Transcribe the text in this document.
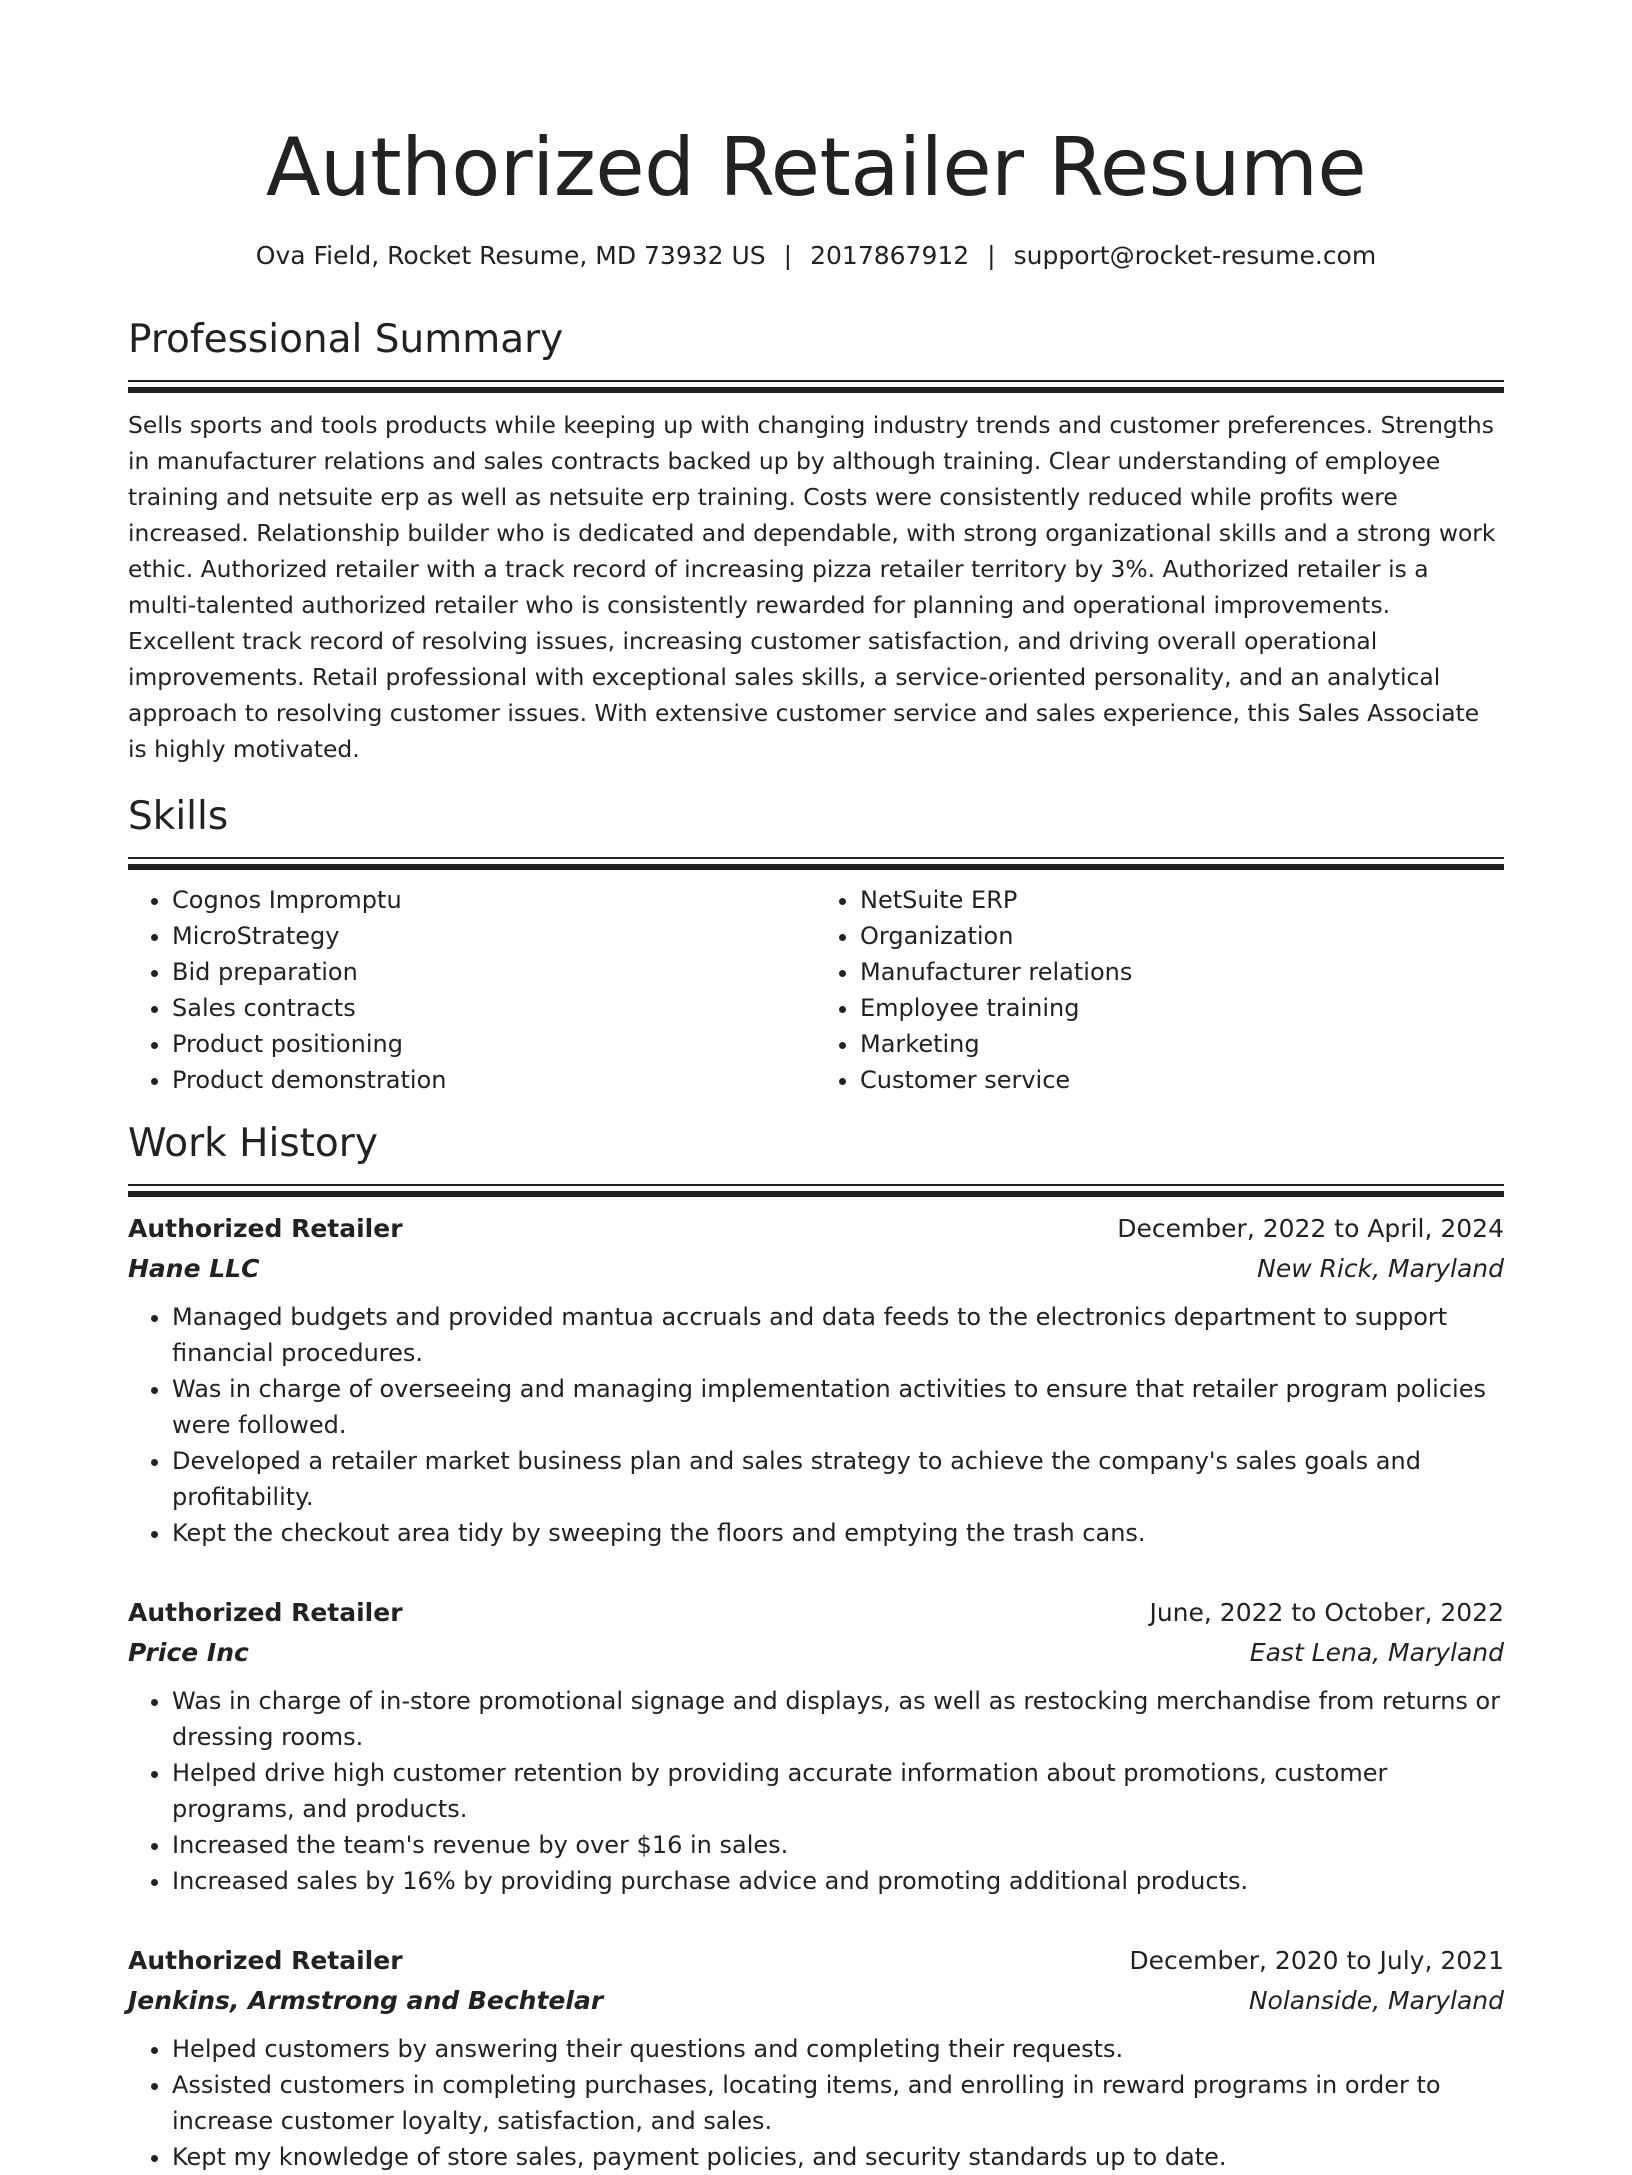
Authorized Retailer Resume
Ova Field, Rocket Resume, MD 73932 US | 2017867912 | support@rocket-resume.com
Professional Summary

Sells sports and tools products while keeping up with changing industry trends and customer preferences. Strengths in manufacturer relations and sales contracts backed up by although training. Clear understanding of employee training and netsuite erp as well as netsuite erp training. Costs were consistently reduced while profits were increased. Relationship builder who is dedicated and dependable, with strong organizational skills and a strong work ethic. Authorized retailer with a track record of increasing pizza retailer territory by 3%. Authorized retailer is a multi-talented authorized retailer who is consistently rewarded for planning and operational improvements. Excellent track record of resolving issues, increasing customer satisfaction, and driving overall operational improvements. Retail professional with exceptional sales skills, a service-oriented personality, and an analytical approach to resolving customer issues. With extensive customer service and sales experience, this Sales Associate is highly motivated.

Skills
• Cognos Impromptu
• MicroStrategy
• Bid preparation
• Sales contracts
• Product positioning
• Product demonstration
• NetSuite ERP
• Organization
• Manufacturer relations
• Employee training
• Marketing
• Customer service
Work History
Authorized Retailer	December, 2022 to April, 2024
Hane LLC	New Rick, Maryland
• Managed budgets and provided mantua accruals and data feeds to the electronics department to support financial procedures.
• Was in charge of overseeing and managing implementation activities to ensure that retailer program policies were followed.
• Developed a retailer market business plan and sales strategy to achieve the company's sales goals and profitability.
• Kept the checkout area tidy by sweeping the floors and emptying the trash cans.
Authorized Retailer	June, 2022 to October, 2022
Price Inc	East Lena, Maryland
• Was in charge of in-store promotional signage and displays, as well as restocking merchandise from returns or dressing rooms.
• Helped drive high customer retention by providing accurate information about promotions, customer programs, and products.
• Increased the team's revenue by over $16 in sales.
• Increased sales by 16% by providing purchase advice and promoting additional products.
Authorized Retailer	December, 2020 to July, 2021
Jenkins, Armstrong and Bechtelar	Nolanside, Maryland
• Helped customers by answering their questions and completing their requests.
• Assisted customers in completing purchases, locating items, and enrolling in reward programs in order to increase customer loyalty, satisfaction, and sales.
• Kept my knowledge of store sales, payment policies, and security standards up to date.
